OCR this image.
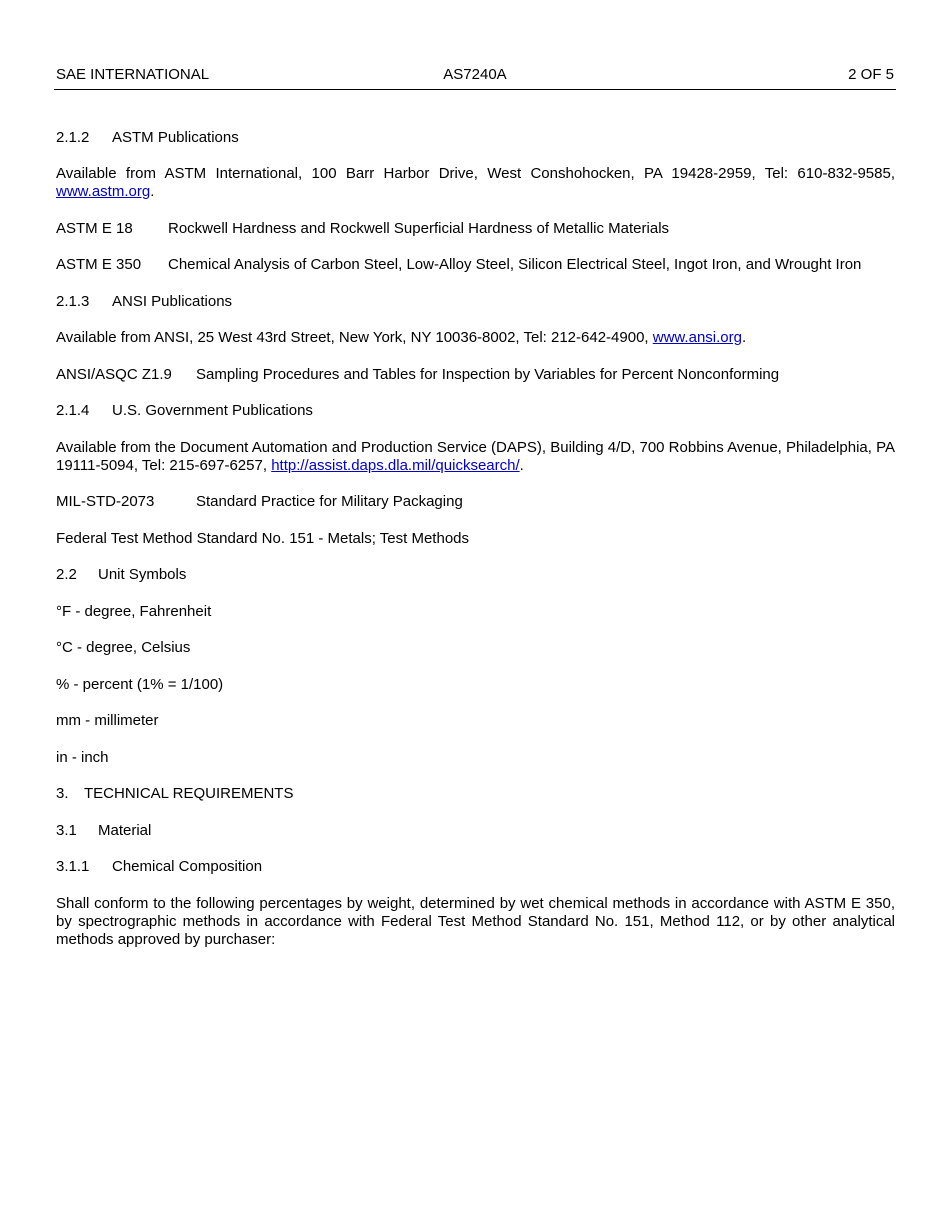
SAE INTERNATIONAL	AS7240A	2 OF 5
2.1.2 ASTM Publications
Available from ASTM International, 100 Barr Harbor Drive, West Conshohocken, PA 19428-2959, Tel: 610-832-9585, www.astm.org.
ASTM E 18 Rockwell Hardness and Rockwell Superficial Hardness of Metallic Materials
ASTM E 350 Chemical Analysis of Carbon Steel, Low-Alloy Steel, Silicon Electrical Steel, Ingot Iron, and Wrought Iron
2.1.3 ANSI Publications
Available from ANSI, 25 West 43rd Street, New York, NY 10036-8002, Tel: 212-642-4900, www.ansi.org.
ANSI/ASQC Z1.9 Sampling Procedures and Tables for Inspection by Variables for Percent Nonconforming
2.1.4 U.S. Government Publications
Available from the Document Automation and Production Service (DAPS), Building 4/D, 700 Robbins Avenue, Philadelphia, PA 19111-5094, Tel: 215-697-6257, http://assist.daps.dla.mil/quicksearch/.
MIL-STD-2073	Standard Practice for Military Packaging
Federal Test Method Standard No. 151 - Metals; Test Methods
2.2 Unit Symbols
°F - degree, Fahrenheit
°C - degree, Celsius
% - percent (1% = 1/100)
mm - millimeter
in - inch
3. TECHNICAL REQUIREMENTS
3.1 Material
3.1.1 Chemical Composition
Shall conform to the following percentages by weight, determined by wet chemical methods in accordance with ASTM E 350, by spectrographic methods in accordance with Federal Test Method Standard No. 151, Method 112, or by other analytical methods approved by purchaser:
